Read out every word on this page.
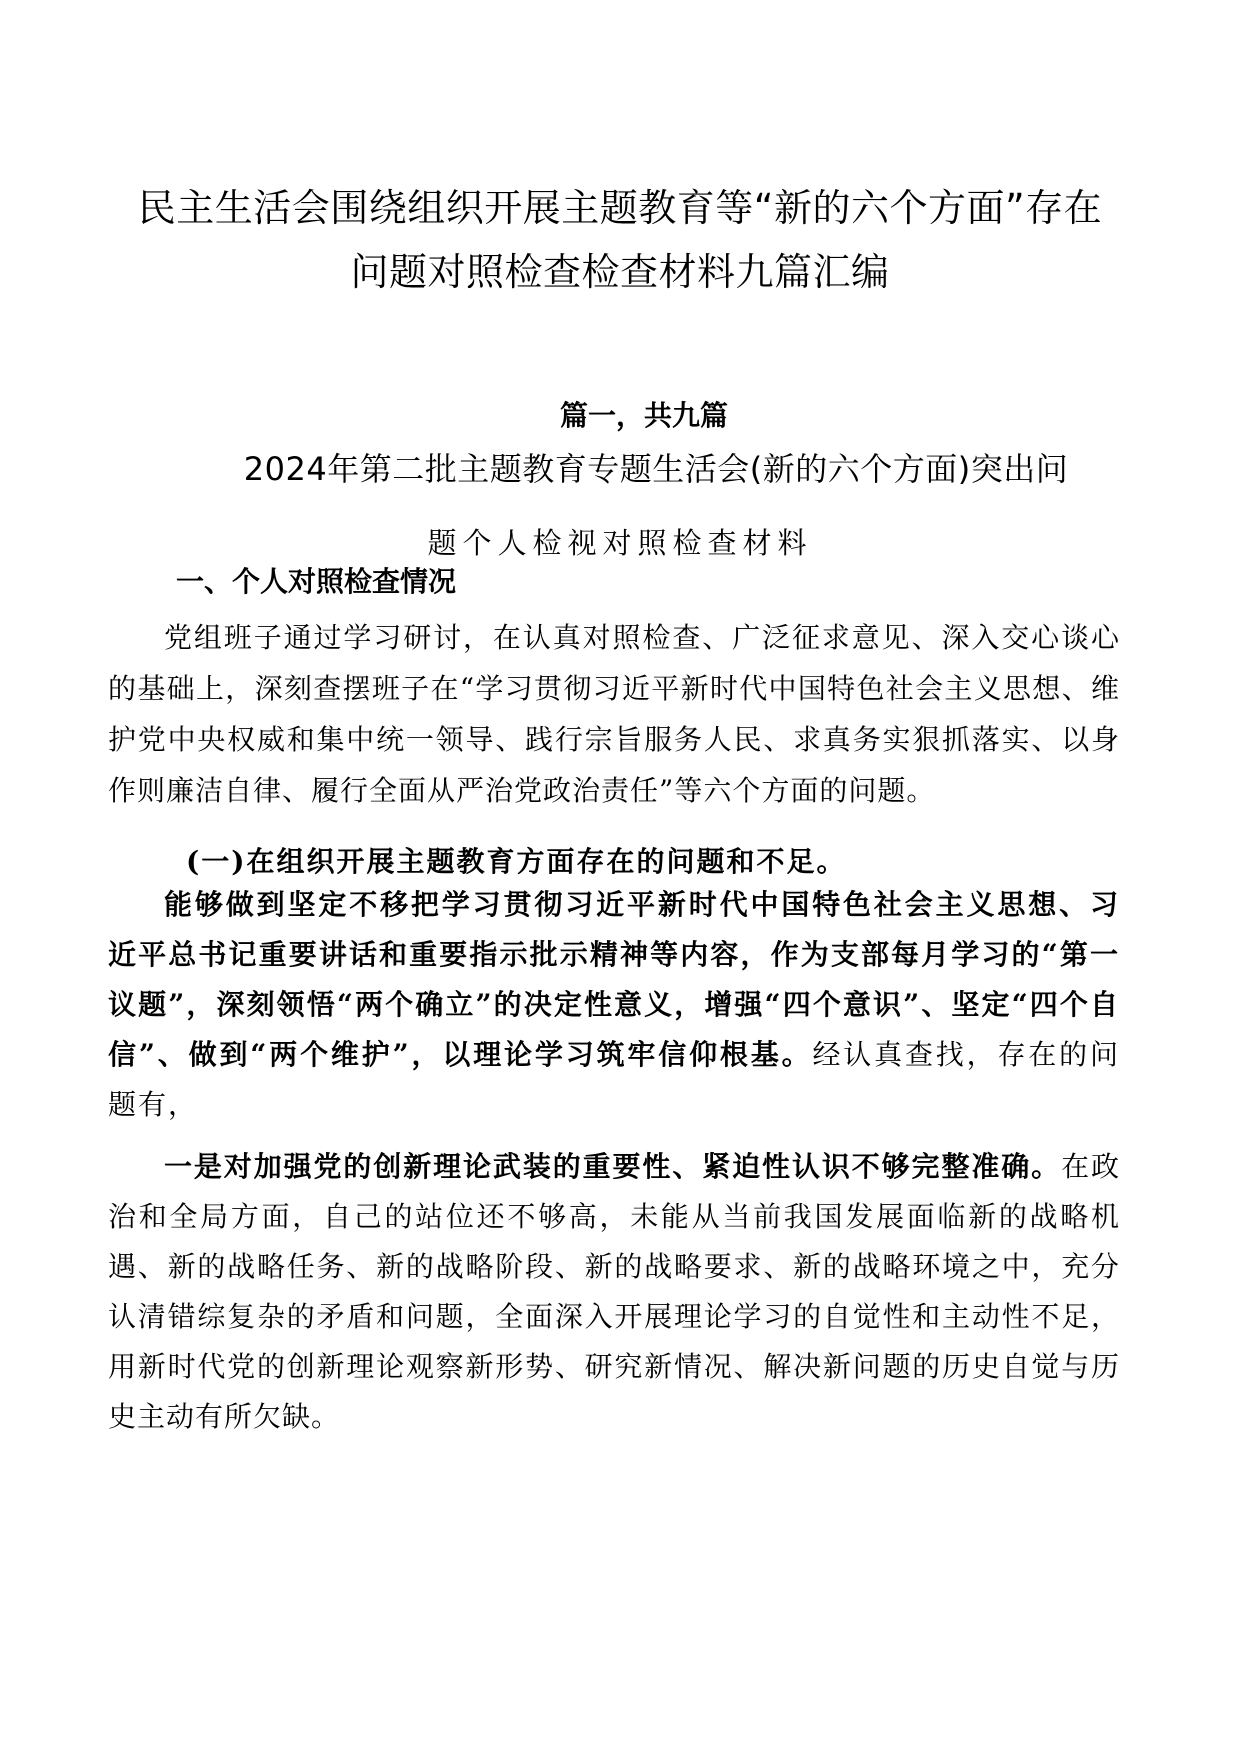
民主生活会围绕组织开展主题教育等“新的六个方面”存在问题对照检查检查材料九篇汇编
篇一，共九篇
2024年第二批主题教育专题生活会(新的六个方面)突出问
题个人检视对照检查材料
一、个人对照检查情况

党组班子通过学习研讨，在认真对照检查、广泛征求意见、深入交心谈心的基础上，深刻查摆班子在“学习贯彻习近平新时代中国特色社会主义思想、维护党中央权威和集中统一领导、践行宗旨服务人民、求真务实狠抓落实、以身作则廉洁自律、履行全面从严治党政治责任”等六个方面的问题。

(一)在组织开展主题教育方面存在的问题和不足。

能够做到坚定不移把学习贯彻习近平新时代中国特色社会主义思想、习近平总书记重要讲话和重要指示批示精神等内容，作为支部每月学习的“第一议题”，深刻领悟“两个确立”的决定性意义，增强“四个意识”、坚定“四个自信”、做到“两个维护”，以理论学习筑牢信仰根基。经认真查找，存在的问题有，

一是对加强党的创新理论武装的重要性、紧迫性认识不够完整准确。在政治和全局方面，自己的站位还不够高，未能从当前我国发展面临新的战略机遇、新的战略任务、新的战略阶段、新的战略要求、新的战略环境之中，充分认清错综复杂的矛盾和问题，全面深入开展理论学习的自觉性和主动性不足，用新时代党的创新理论观察新形势、研究新情况、解决新问题的历史自觉与历史主动有所欠缺。
